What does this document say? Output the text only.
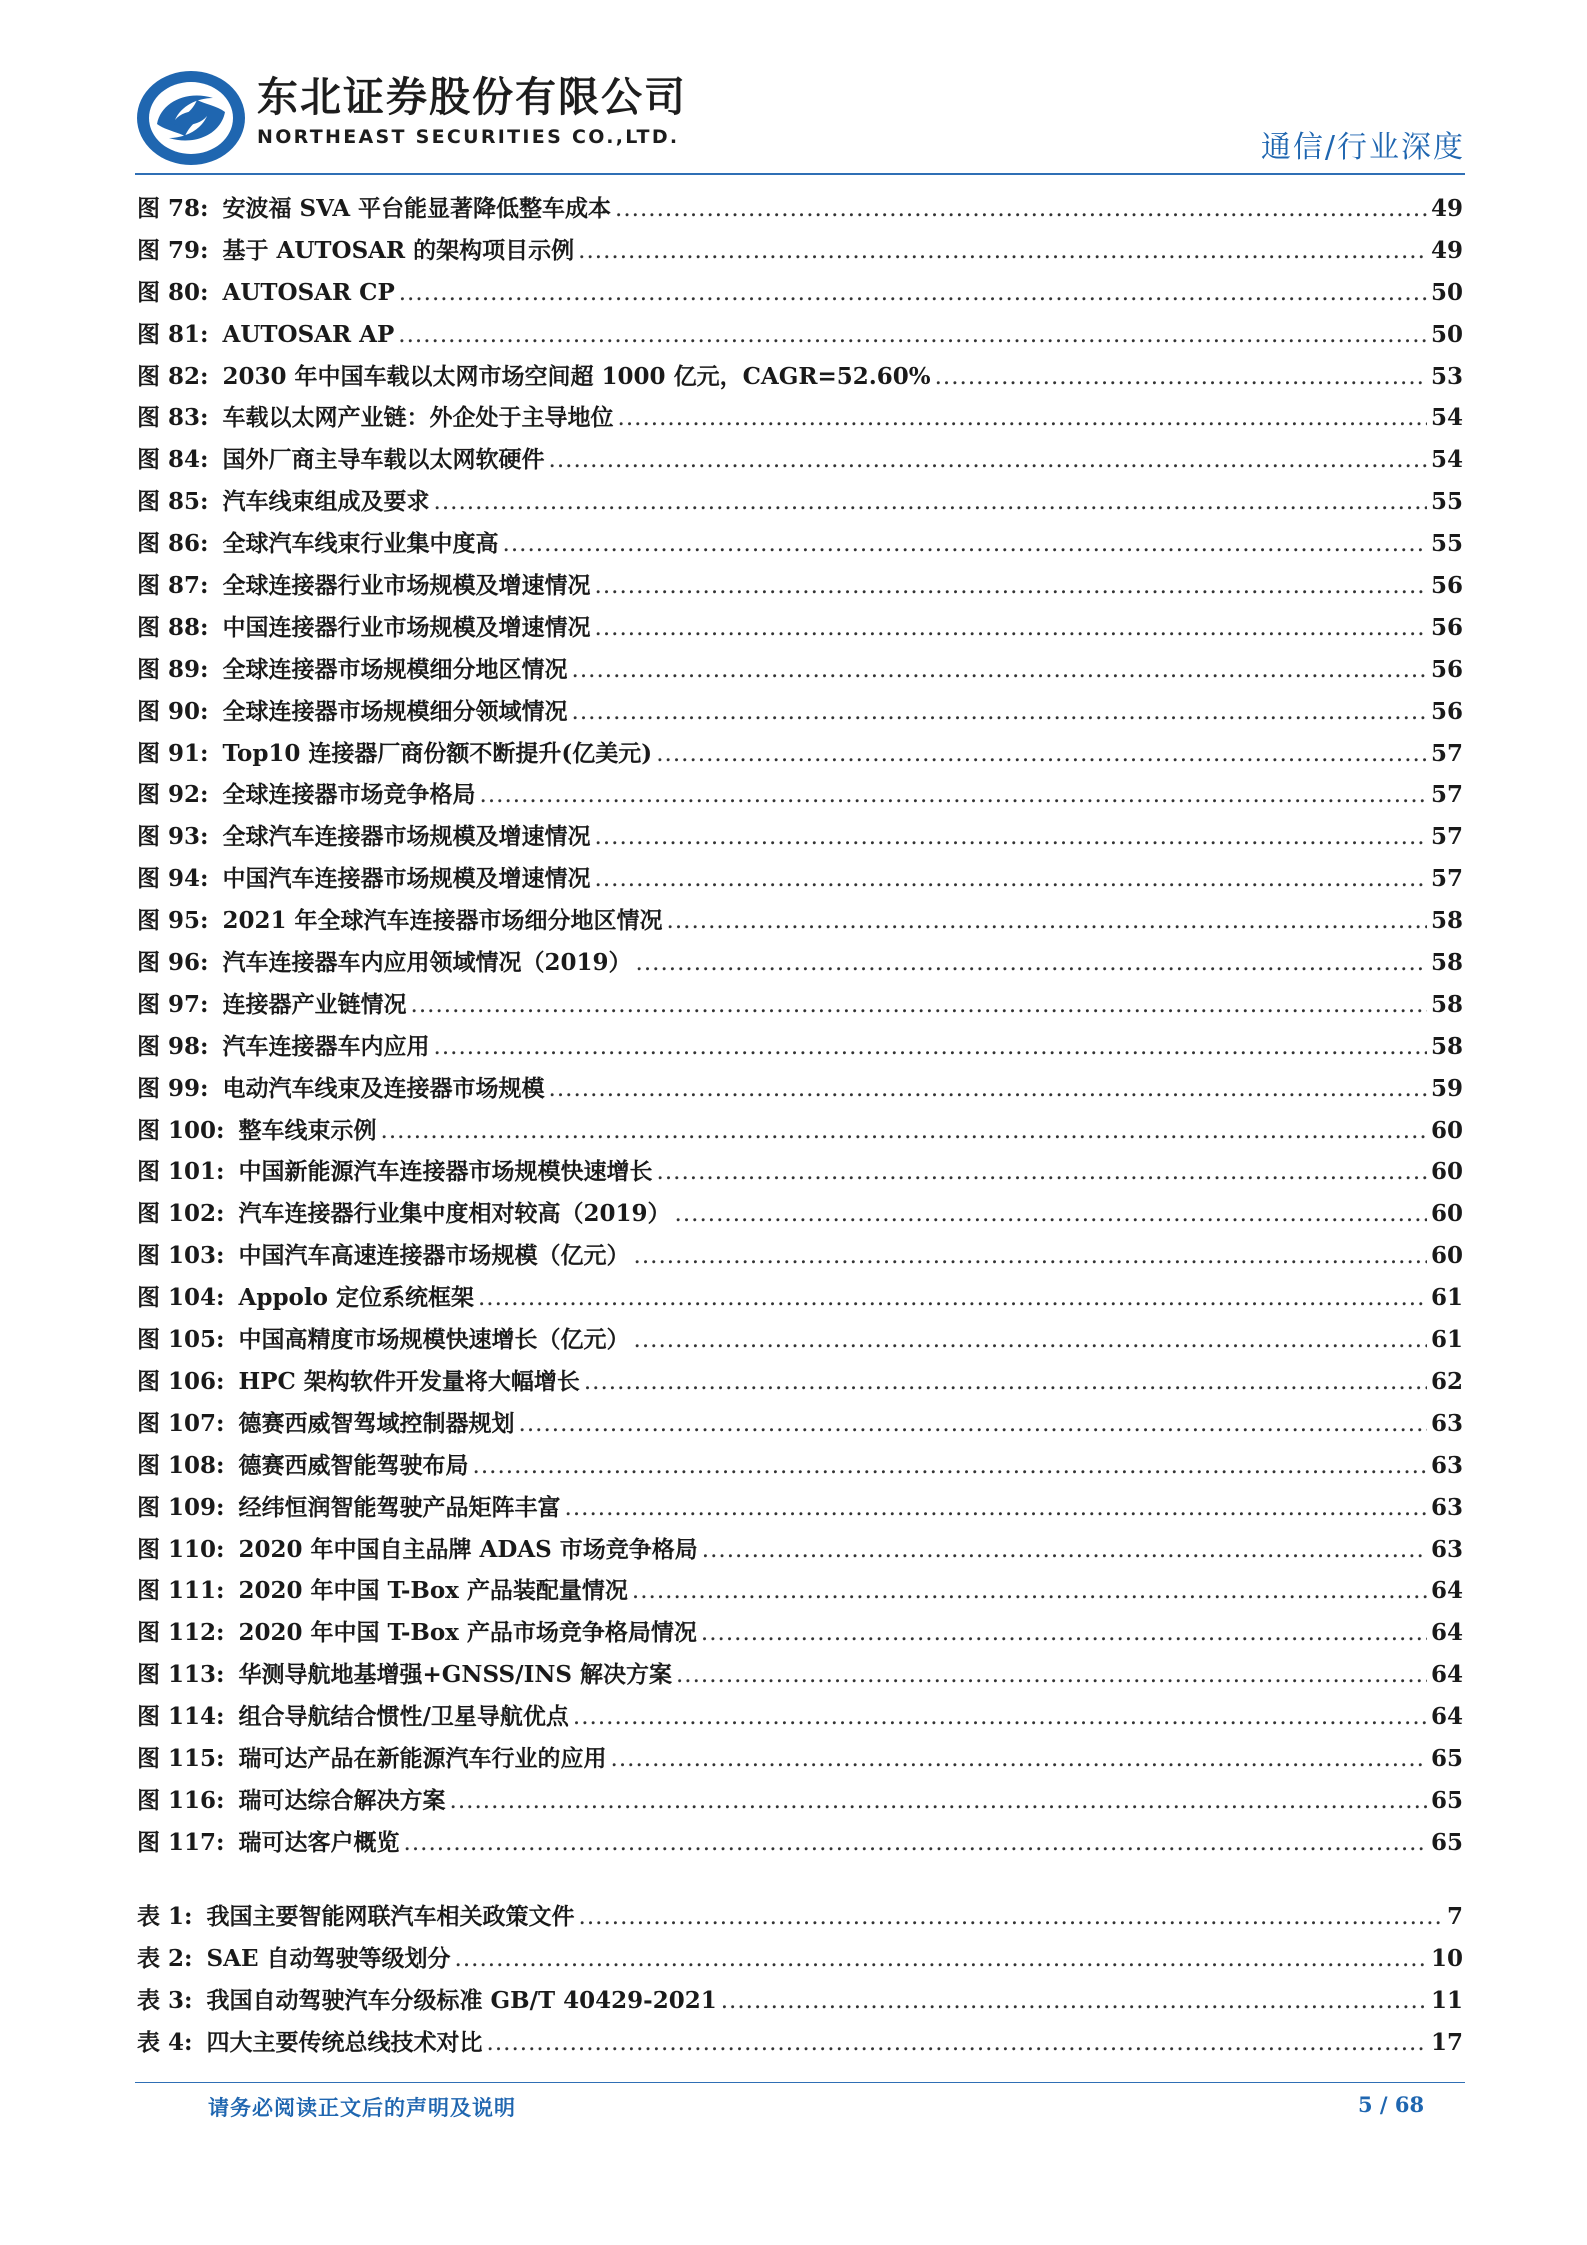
东北证券股份有限公司
NORTHEAST SECURITIES CO.,LTD.	通信/行业深度
图 78: 安波福 SVA 平台能显著降低整车成本 .....	49
图 79: 基于 AUTOSAR 的架构项目示例 .....	49
图 80: AUTOSAR CP .....	50
图 81: AUTOSAR AP .....	50
图 82: 2030 年中国车载以太网市场空间超 1000 亿元，CAGR=52.60% .....	53
图 83: 车载以太网产业链：外企处于主导地位 .....	54
图 84: 国外厂商主导车载以太网软硬件 .....	54
图 85: 汽车线束组成及要求 .....	55
图 86: 全球汽车线束行业集中度高 .....	55
图 87: 全球连接器行业市场规模及增速情况 .....	56
图 88: 中国连接器行业市场规模及增速情况 .....	56
图 89: 全球连接器市场规模细分地区情况 .....	56
图 90: 全球连接器市场规模细分领域情况 .....	56
图 91: Top10 连接器厂商份额不断提升(亿美元) .....	57
图 92: 全球连接器市场竞争格局 .....	57
图 93: 全球汽车连接器市场规模及增速情况 .....	57
图 94: 中国汽车连接器市场规模及增速情况 .....	57
图 95: 2021 年全球汽车连接器市场细分地区情况 .....	58
图 96: 汽车连接器车内应用领域情况（2019） .....	58
图 97: 连接器产业链情况 .....	58
图 98: 汽车连接器车内应用 .....	58
图 99: 电动汽车线束及连接器市场规模 .....	59
图 100: 整车线束示例 .....	60
图 101: 中国新能源汽车连接器市场规模快速增长 .....	60
图 102: 汽车连接器行业集中度相对较高（2019） .....	60
图 103: 中国汽车高速连接器市场规模（亿元） .....	60
图 104: Appolo 定位系统框架 .....	61
图 105: 中国高精度市场规模快速增长（亿元） .....	61
图 106: HPC 架构软件开发量将大幅增长 .....	62
图 107: 德赛西威智驾域控制器规划 .....	63
图 108: 德赛西威智能驾驶布局 .....	63
图 109: 经纬恒润智能驾驶产品矩阵丰富 .....	63
图 110: 2020 年中国自主品牌 ADAS 市场竞争格局 .....	63
图 111: 2020 年中国 T-Box 产品装配量情况 .....	64
图 112: 2020 年中国 T-Box 产品市场竞争格局情况 .....	64
图 113: 华测导航地基增强+GNSS/INS 解决方案 .....	64
图 114: 组合导航结合惯性/卫星导航优点 .....	64
图 115: 瑞可达产品在新能源汽车行业的应用 .....	65
图 116: 瑞可达综合解决方案 .....	65
图 117: 瑞可达客户概览 .....	65
表 1: 我国主要智能网联汽车相关政策文件 .....	7
表 2: SAE 自动驾驶等级划分 .....	10
表 3: 我国自动驾驶汽车分级标准 GB/T 40429-2021 .....	11
表 4: 四大主要传统总线技术对比 .....	17
请务必阅读正文后的声明及说明	5 / 68
